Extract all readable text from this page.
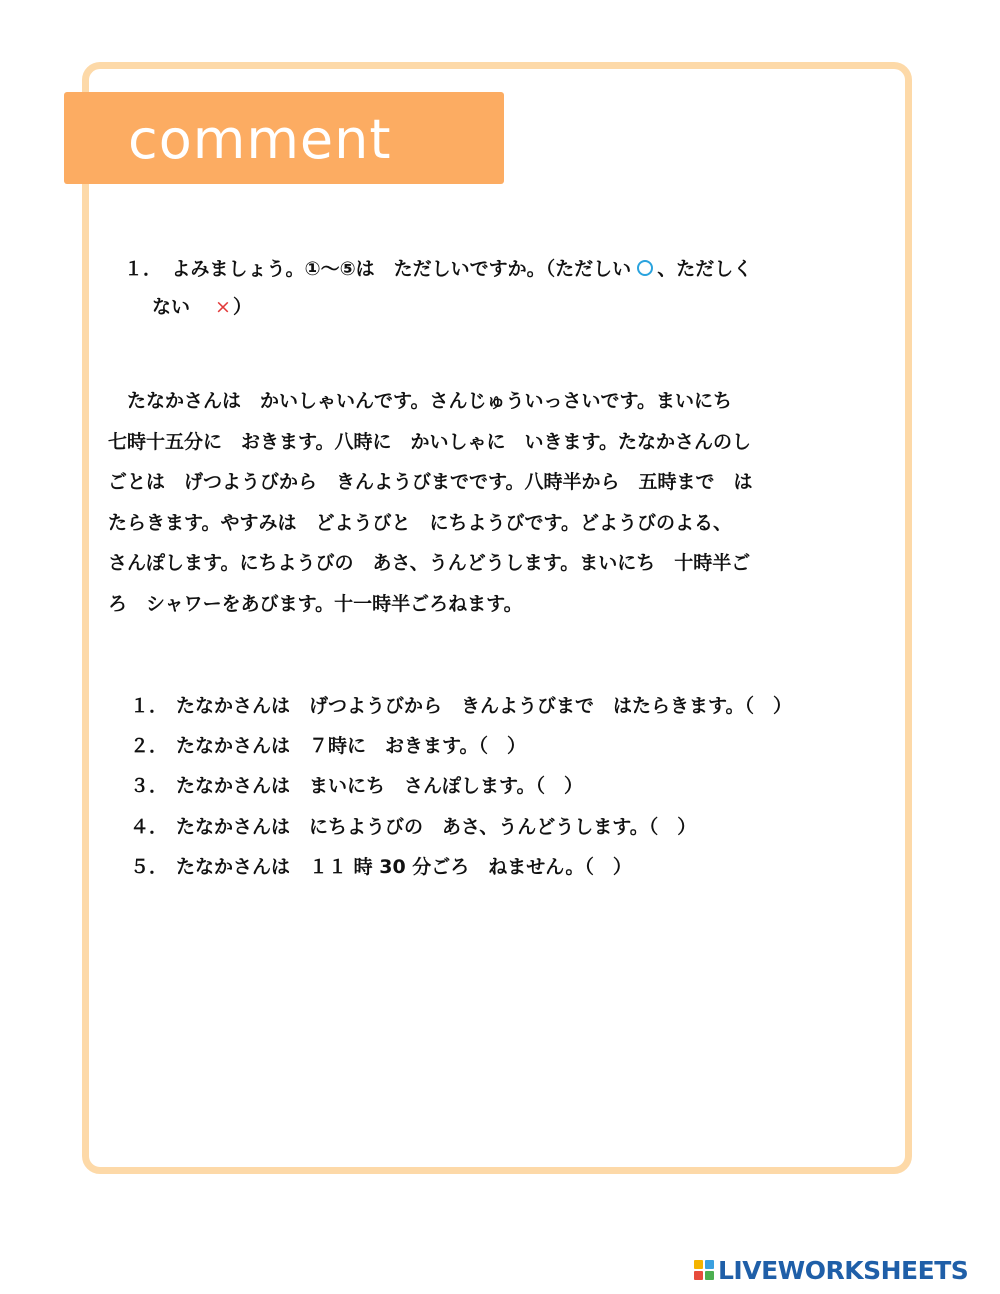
comment
１．　よみましょう。①〜⑤は　ただしいですか。（ただしい ○ 、ただしく
ない　 × ）
　たなかさんは　かいしゃいんです。さんじゅういっさいです。まいにち
七時十五分に　おきます。八時に　かいしゃに　いきます。たなかさんのし
ごとは　げつようびから　きんようびまでです。八時半から　五時まで　は
たらきます。やすみは　どようびと　にちようびです。どようびのよる、
さんぽします。にちようびの　あさ、うんどうします。まいにち　十時半ご
ろ　シャワーをあびます。十一時半ごろねます。
１． たなかさんは　げつようびから　きんようびまで　はたらきます。（　）
２． たなかさんは　７時に　おきます。（　）
３． たなかさんは　まいにち　さんぽします。（　）
４． たなかさんは　にちようびの　あさ、うんどうします。（　）
５． たなかさんは　１１ 時 30 分ごろ　ねません。（　）
LIVEWORKSHEETS
